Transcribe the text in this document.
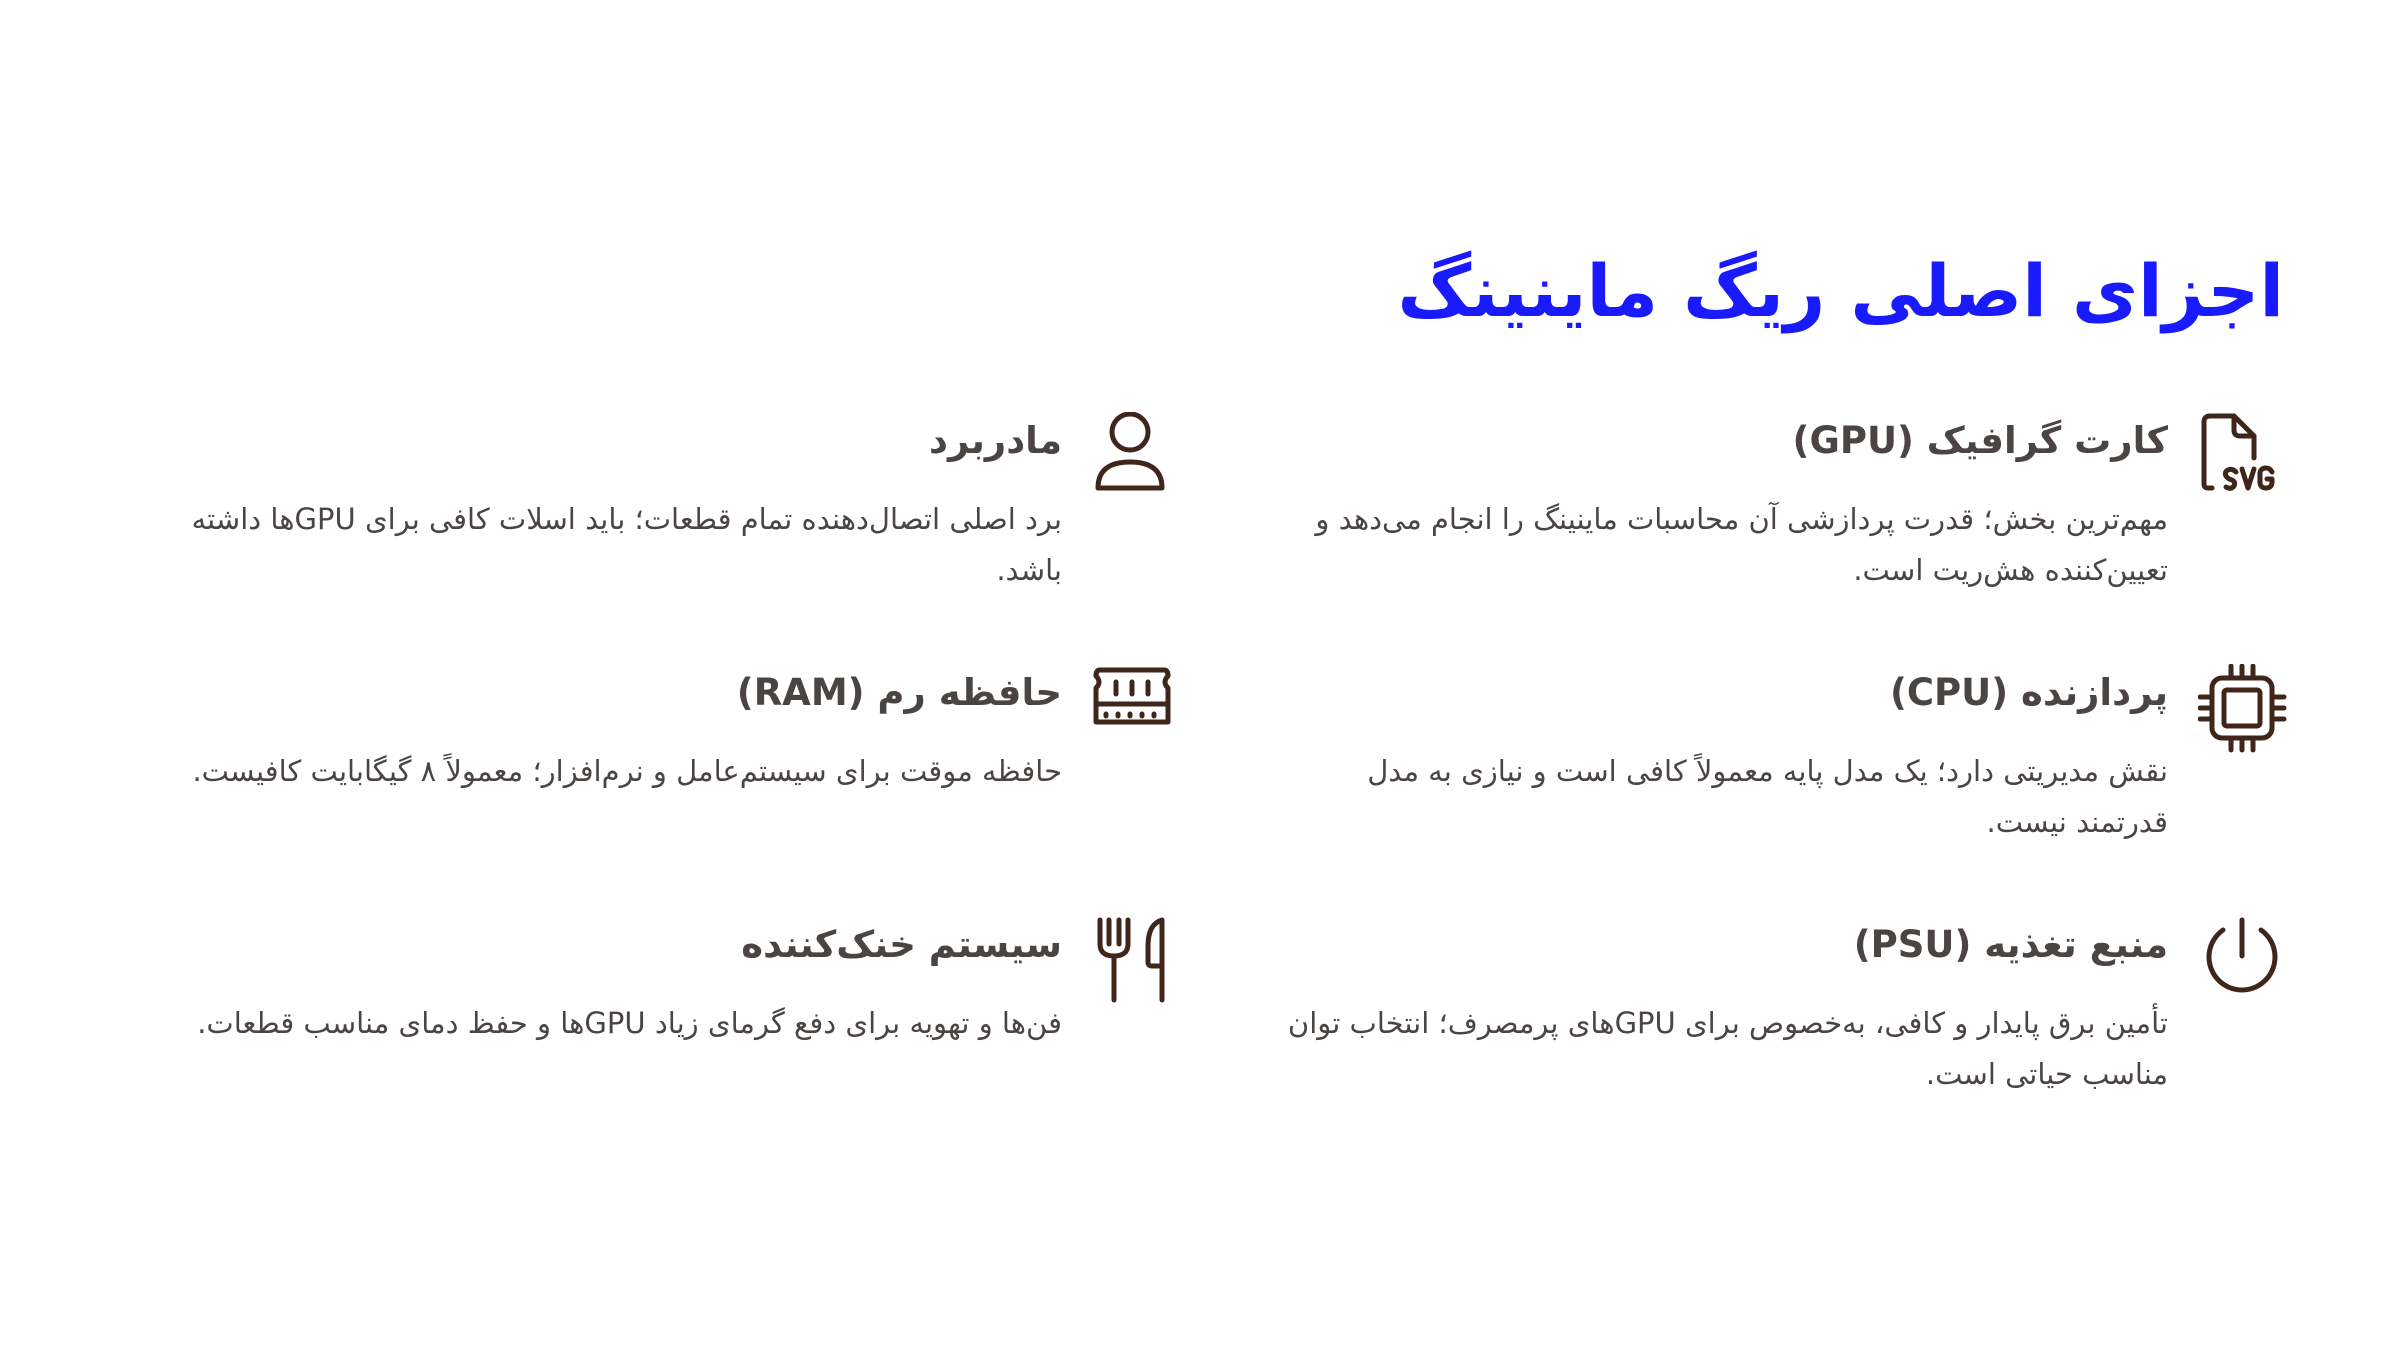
اجزای اصلی ریگ ماینینگ
کارت گرافیک (GPU)

مهم‌ترین بخش؛ قدرت پردازشی آن محاسبات ماینینگ را انجام می‌دهد و تعیین‌کننده هش‌ریت است.

مادربرد

برد اصلی اتصال‌دهنده تمام قطعات؛ باید اسلات کافی برای GPUها داشته باشد.

پردازنده (CPU)

نقش مدیریتی دارد؛ یک مدل پایه معمولاً کافی است و نیازی به مدل قدرتمند نیست.

حافظه رم (RAM)

حافظه موقت برای سیستم‌عامل و نرم‌افزار؛ معمولاً ۸ گیگابایت کافیست.

منبع تغذیه (PSU)

تأمین برق پایدار و کافی، به‌خصوص برای GPUهای پرمصرف؛ انتخاب توان مناسب حیاتی است.

سیستم خنک‌کننده

فن‌ها و تهویه برای دفع گرمای زیاد GPUها و حفظ دمای مناسب قطعات.
